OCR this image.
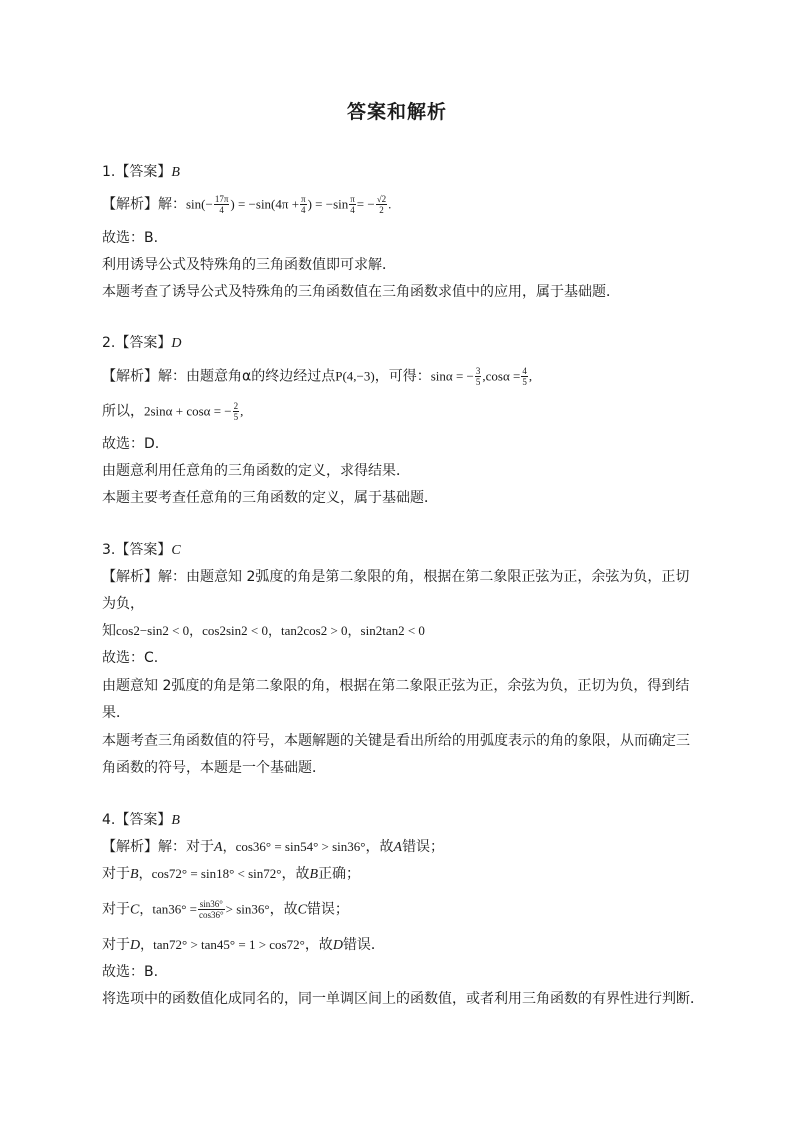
答案和解析
1.【答案】B
【解析】解：$\sin(- \frac{17\pi}{4}$ ) = $-\sin(4\pi + \frac{\pi}{4}$ ) = $-\sin \frac{\pi}{4}$ = − $\frac{√2}{2}$ .
故选：B.
利用诱导公式及特殊角的三角函数值即可求解．
本题考查了诱导公式及特殊角的三角函数值在三角函数求值中的应用，属于基础题．
2.【答案】D
【解析】解：由题意角α的终边经过点P(4,−3)，可得：sinα = − $\frac{3}{5} ,\cos\alpha = \frac{4}{5}$ ,
所以，2sinα + cosα = − $\frac{2}{5}$ ,
故选：D.
由题意利用任意角的三角函数的定义，求得结果．
本题主要考查任意角的三角函数的定义，属于基础题．
3.【答案】C
【解析】解：由题意知 2弧度的角是第二象限的角，根据在第二象限正弦为正，余弦为负，正切
为负，
知cos2−sin2 < 0，cos2sin2 < 0，tan2cos2 > 0，sin2tan2 < 0
故选：C.
由题意知 2弧度的角是第二象限的角，根据在第二象限正弦为正，余弦为负，正切为负，得到结
果．
本题考查三角函数值的符号，本题解题的关键是看出所给的用弧度表示的角的象限，从而确定三
角函数的符号，本题是一个基础题．
4.【答案】B
【解析】解：对于A，cos36° = sin54° > sin36°，故A错误；
对于B，cos72° = sin18° < sin72°，故B正确；
对于C，$\tan 36^\circ = \frac{\sin 36^\circ}{\cos 36^\circ} > \sin 36^\circ$，故C错误；
对于D，tan72° > tan45° = 1 > cos72°，故D错误．
故选：B.
将选项中的函数值化成同名的，同一单调区间上的函数值，或者利用三角函数的有界性进行判断．
